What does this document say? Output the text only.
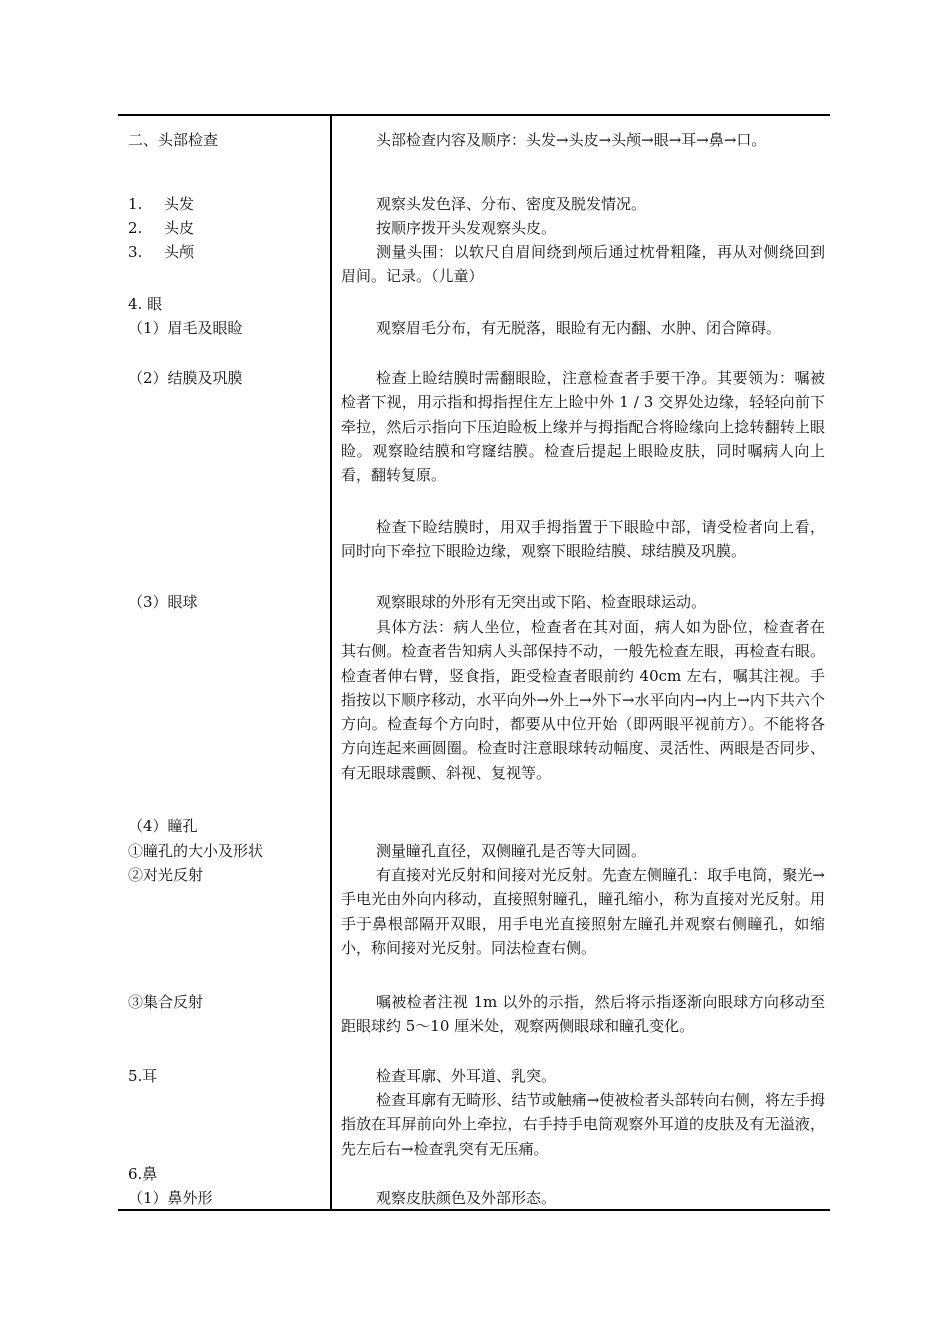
二、头部检查
1. 头发
2. 头皮
3. 头颅
4. 眼
（1）眉毛及眼睑
（2）结膜及巩膜
（3）眼球
（4）瞳孔
①瞳孔的大小及形状
②对光反射
③集合反射
5.耳
6.鼻
（1）鼻外形
头部检查内容及顺序：头发→头皮→头颅→眼→耳→鼻→口。
观察头发色泽、分布、密度及脱发情况。
按顺序拨开头发观察头皮。
测量头围：以软尺自眉间绕到颅后通过枕骨粗隆，再从对侧绕回到眉间。记录。（儿童）
观察眉毛分布，有无脱落，眼睑有无内翻、水肿、闭合障碍。
检查上睑结膜时需翻眼睑，注意检查者手要干净。其要领为：嘱被检者下视，用示指和拇指捏住左上睑中外 1 / 3 交界处边缘，轻轻向前下牵拉，然后示指向下压迫睑板上缘并与拇指配合将睑缘向上捻转翻转上眼睑。观察睑结膜和穹窿结膜。检查后提起上眼睑皮肤，同时嘱病人向上看，翻转复原。
检查下睑结膜时，用双手拇指置于下眼睑中部，请受检者向上看，同时向下牵拉下眼睑边缘，观察下眼睑结膜、球结膜及巩膜。
观察眼球的外形有无突出或下陷、检查眼球运动。
具体方法：病人坐位，检查者在其对面，病人如为卧位，检查者在其右侧。检查者告知病人头部保持不动，一般先检查左眼，再检查右眼。检查者伸右臂，竖食指，距受检查者眼前约 40cm 左右，嘱其注视。手指按以下顺序移动，水平向外→外上→外下→水平向内→内上→内下共六个方向。检查每个方向时，都要从中位开始（即两眼平视前方）。不能将各方向连起来画圆圈。检查时注意眼球转动幅度、灵活性、两眼是否同步、有无眼球震颤、斜视、复视等。
测量瞳孔直径，双侧瞳孔是否等大同圆。
有直接对光反射和间接对光反射。先查左侧瞳孔：取手电筒，聚光→手电光由外向内移动，直接照射瞳孔，瞳孔缩小，称为直接对光反射。用手于鼻根部隔开双眼，用手电光直接照射左瞳孔并观察右侧瞳孔，如缩小，称间接对光反射。同法检查右侧。
嘱被检者注视 1m 以外的示指，然后将示指逐渐向眼球方向移动至距眼球约 5～10 厘米处，观察两侧眼球和瞳孔变化。
检查耳廓、外耳道、乳突。
检查耳廓有无畸形、结节或触痛→使被检者头部转向右侧，将左手拇指放在耳屏前向外上牵拉，右手持手电筒观察外耳道的皮肤及有无溢液，先左后右→检查乳突有无压痛。
观察皮肤颜色及外部形态。
